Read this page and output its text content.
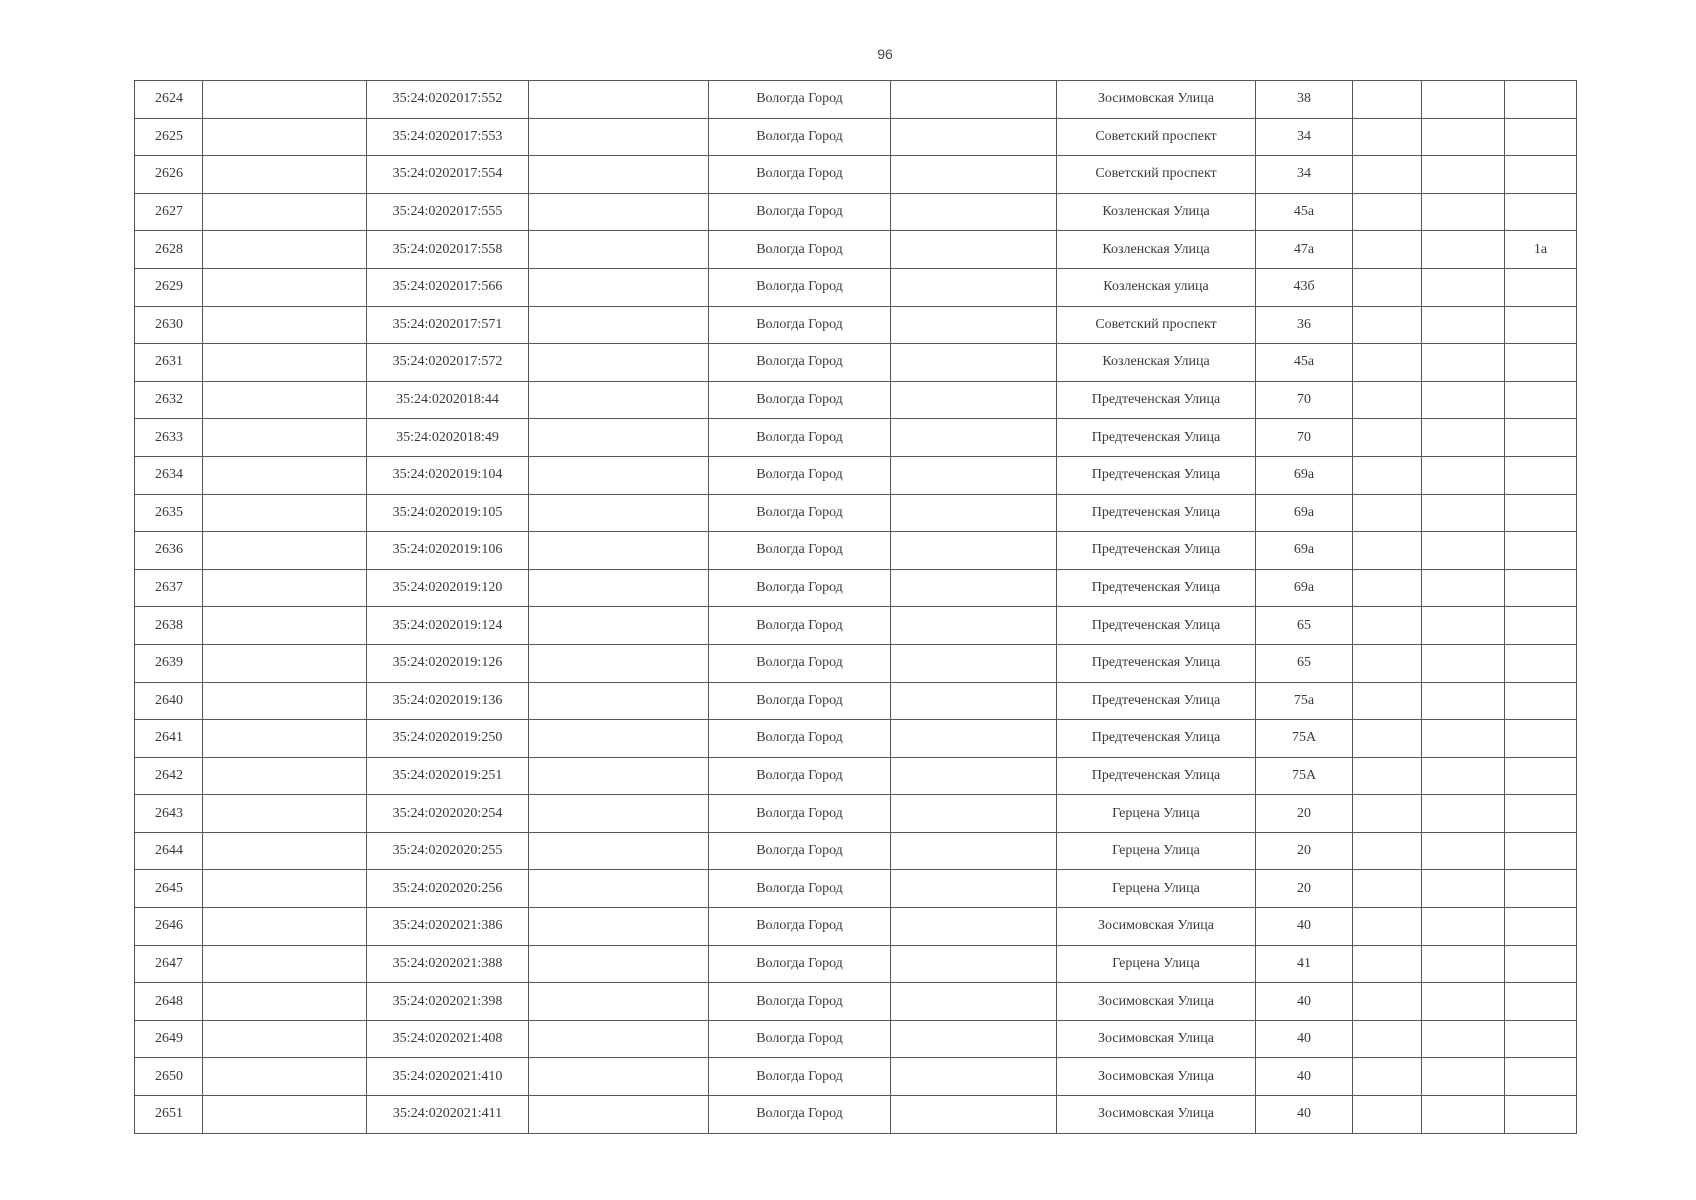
96
2624		35:24:0202017:552		Вологда Город		Зосимовская Улица	38			
2625		35:24:0202017:553		Вологда Город		Советский проспект	34			
2626		35:24:0202017:554		Вологда Город		Советский проспект	34			
2627		35:24:0202017:555		Вологда Город		Козленская Улица	45а			
2628		35:24:0202017:558		Вологда Город		Козленская Улица	47а			1а
2629		35:24:0202017:566		Вологда Город		Козленская улица	43б			
2630		35:24:0202017:571		Вологда Город		Советский проспект	36			
2631		35:24:0202017:572		Вологда Город		Козленская Улица	45а			
2632		35:24:0202018:44		Вологда Город		Предтеченская Улица	70			
2633		35:24:0202018:49		Вологда Город		Предтеченская Улица	70			
2634		35:24:0202019:104		Вологда Город		Предтеченская Улица	69а			
2635		35:24:0202019:105		Вологда Город		Предтеченская Улица	69а			
2636		35:24:0202019:106		Вологда Город		Предтеченская Улица	69а			
2637		35:24:0202019:120		Вологда Город		Предтеченская Улица	69а			
2638		35:24:0202019:124		Вологда Город		Предтеченская Улица	65			
2639		35:24:0202019:126		Вологда Город		Предтеченская Улица	65			
2640		35:24:0202019:136		Вологда Город		Предтеченская Улица	75а			
2641		35:24:0202019:250		Вологда Город		Предтеченская Улица	75А			
2642		35:24:0202019:251		Вологда Город		Предтеченская Улица	75А			
2643		35:24:0202020:254		Вологда Город		Герцена Улица	20			
2644		35:24:0202020:255		Вологда Город		Герцена Улица	20			
2645		35:24:0202020:256		Вологда Город		Герцена Улица	20			
2646		35:24:0202021:386		Вологда Город		Зосимовская Улица	40			
2647		35:24:0202021:388		Вологда Город		Герцена Улица	41			
2648		35:24:0202021:398		Вологда Город		Зосимовская Улица	40			
2649		35:24:0202021:408		Вологда Город		Зосимовская Улица	40			
2650		35:24:0202021:410		Вологда Город		Зосимовская Улица	40			
2651		35:24:0202021:411		Вологда Город		Зосимовская Улица	40			
